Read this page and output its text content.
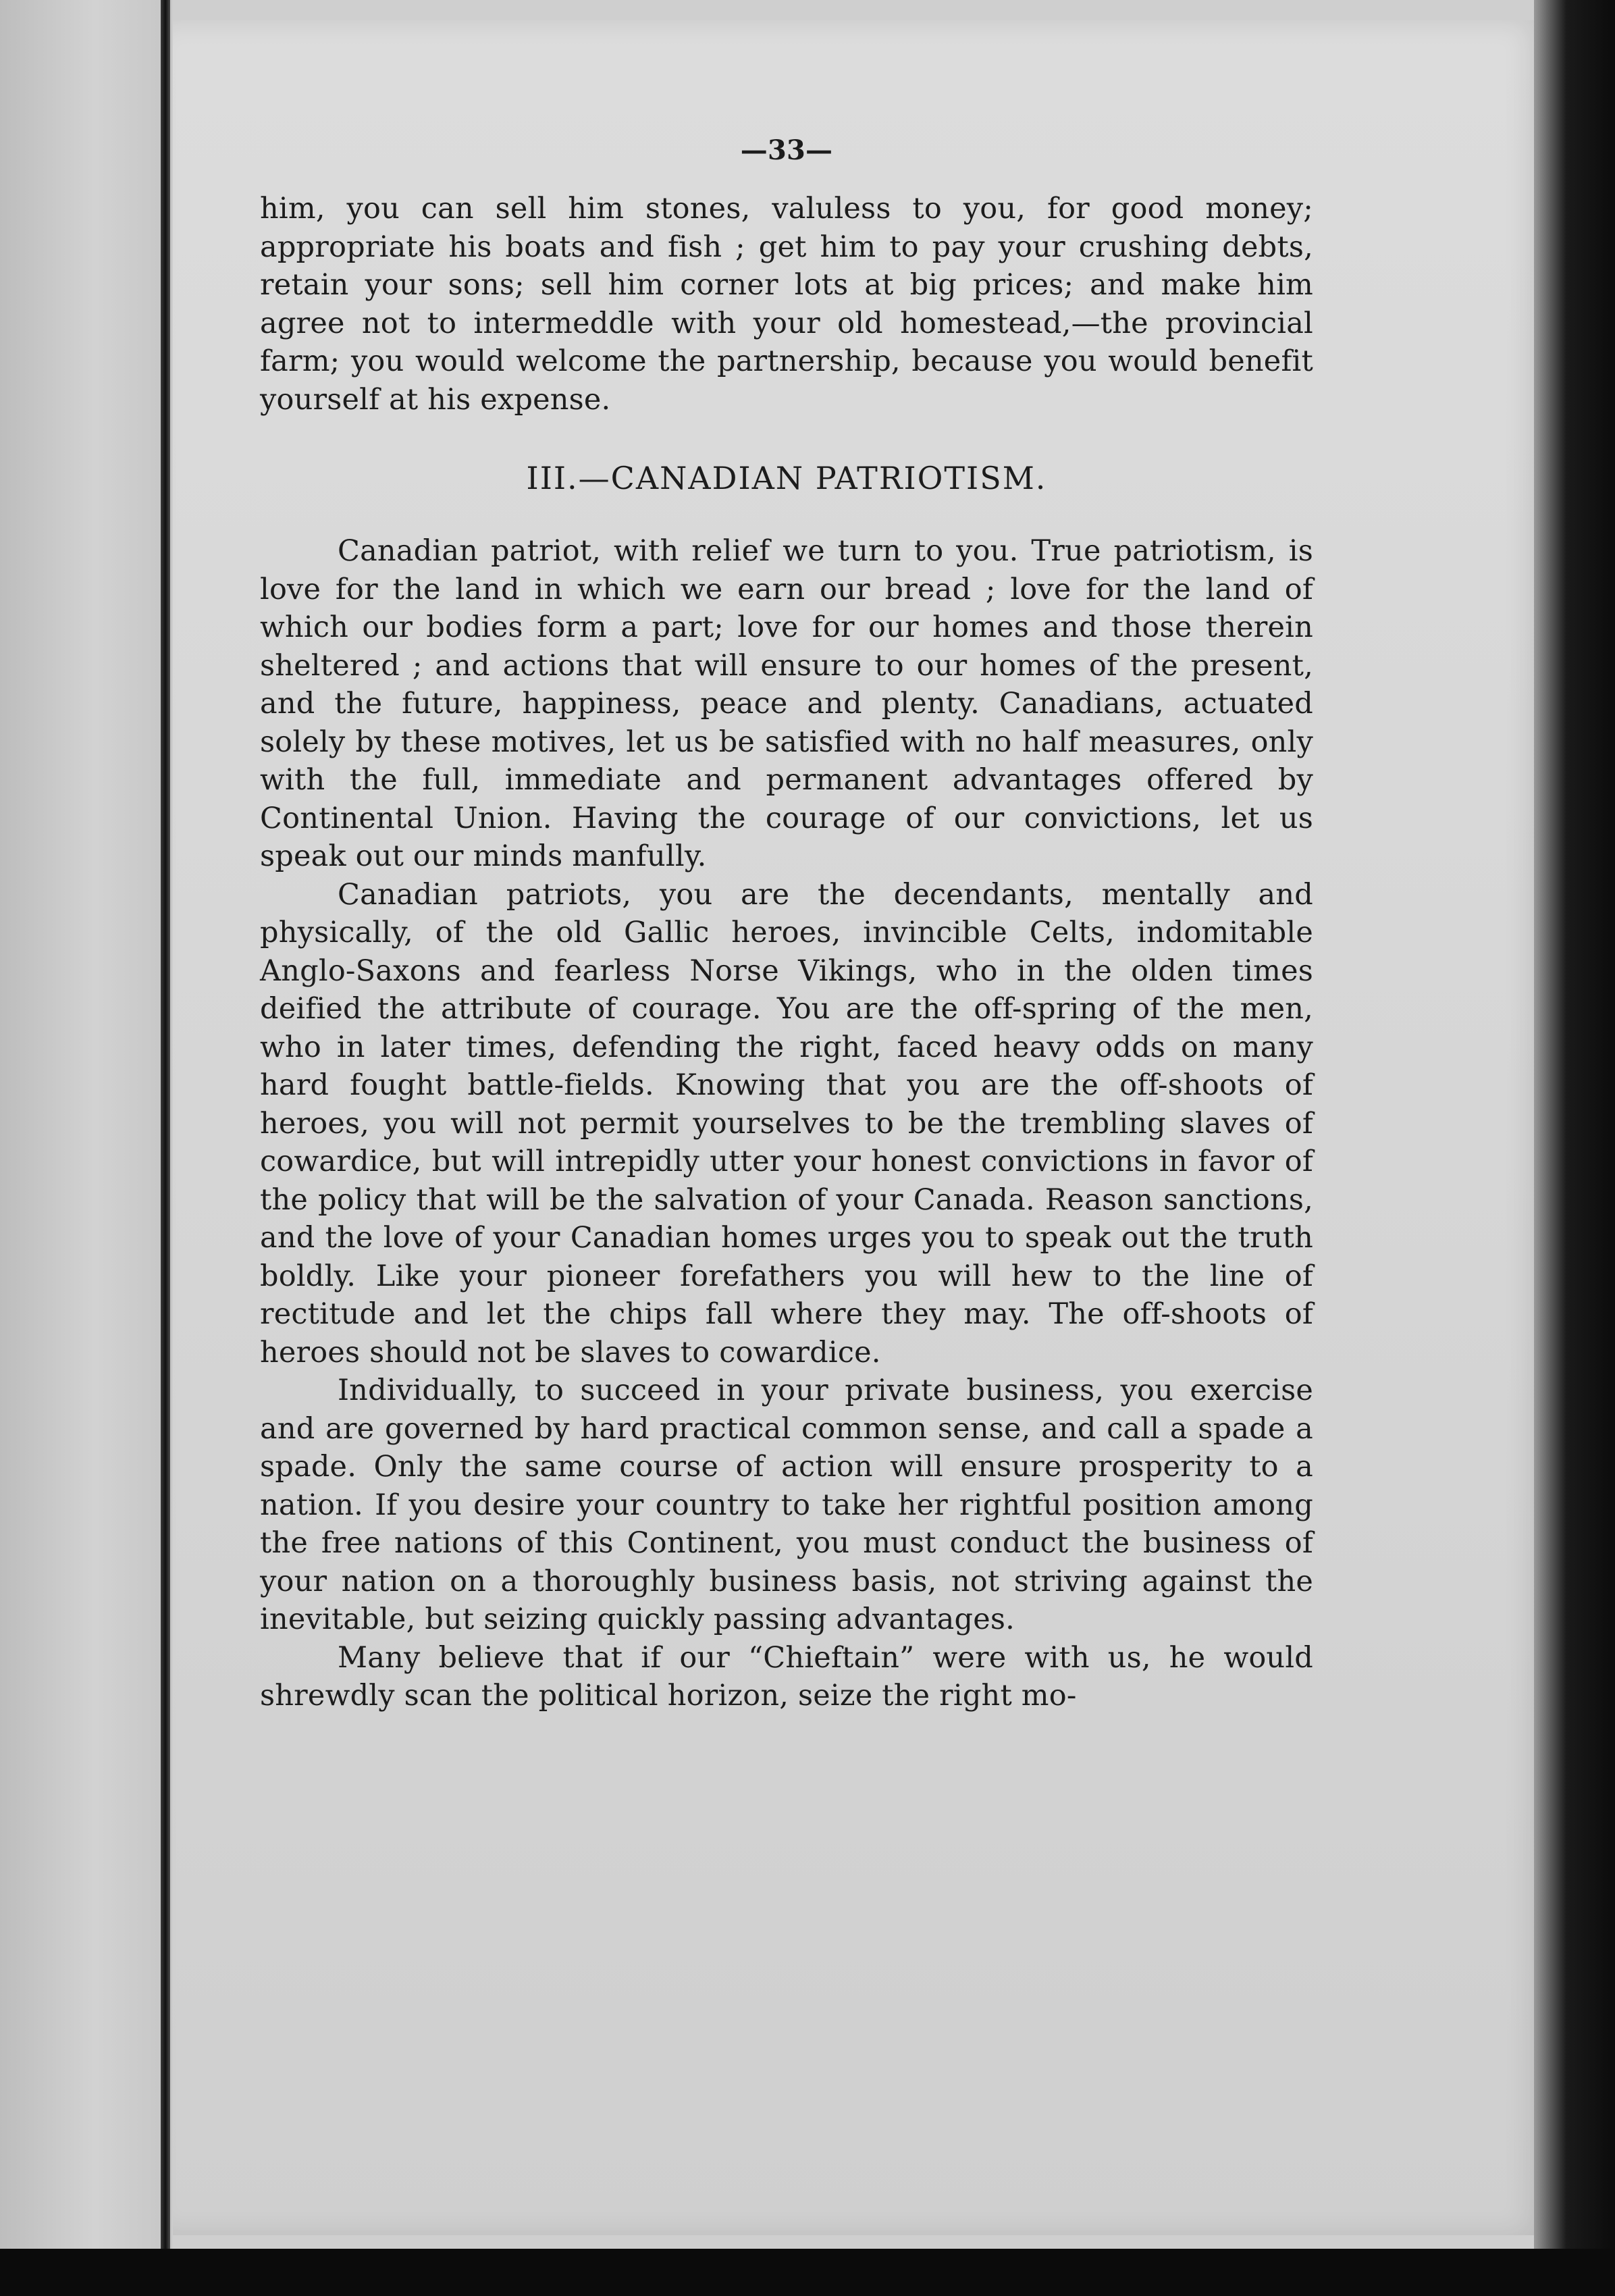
—33—

him, you can sell him stones, valuless to you, for good money; appropriate his boats and fish ; get him to pay your crushing debts, retain your sons; sell him corner lots at big prices; and make him agree not to intermeddle with your old homestead,—the provincial farm; you would welcome the partnership, because you would benefit yourself at his expense.

III.—CANADIAN PATRIOTISM.

Canadian patriot, with relief we turn to you. True patriotism, is love for the land in which we earn our bread ; love for the land of which our bodies form a part; love for our homes and those therein sheltered ; and actions that will ensure to our homes of the present, and the future, happiness, peace and plenty. Canadians, actuated solely by these motives, let us be satisfied with no half measures, only with the full, immediate and permanent advantages offered by Continental Union. Having the courage of our convictions, let us speak out our minds manfully.

Canadian patriots, you are the decendants, mentally and physically, of the old Gallic heroes, invincible Celts, indomitable Anglo-Saxons and fearless Norse Vikings, who in the olden times deified the attribute of courage. You are the off-spring of the men, who in later times, defending the right, faced heavy odds on many hard fought battle-fields. Knowing that you are the off-shoots of heroes, you will not permit yourselves to be the trembling slaves of cowardice, but will intrepidly utter your honest convictions in favor of the policy that will be the salvation of your Canada. Reason sanctions, and the love of your Canadian homes urges you to speak out the truth boldly. Like your pioneer forefathers you will hew to the line of rectitude and let the chips fall where they may. The off-shoots of heroes should not be slaves to cowardice.

Individually, to succeed in your private business, you exercise and are governed by hard practical common sense, and call a spade a spade. Only the same course of action will ensure prosperity to a nation. If you desire your country to take her rightful position among the free nations of this Continent, you must conduct the business of your nation on a thoroughly business basis, not striving against the inevitable, but seizing quickly passing advantages.

Many believe that if our “Chieftain” were with us, he would shrewdly scan the political horizon, seize the right mo-
